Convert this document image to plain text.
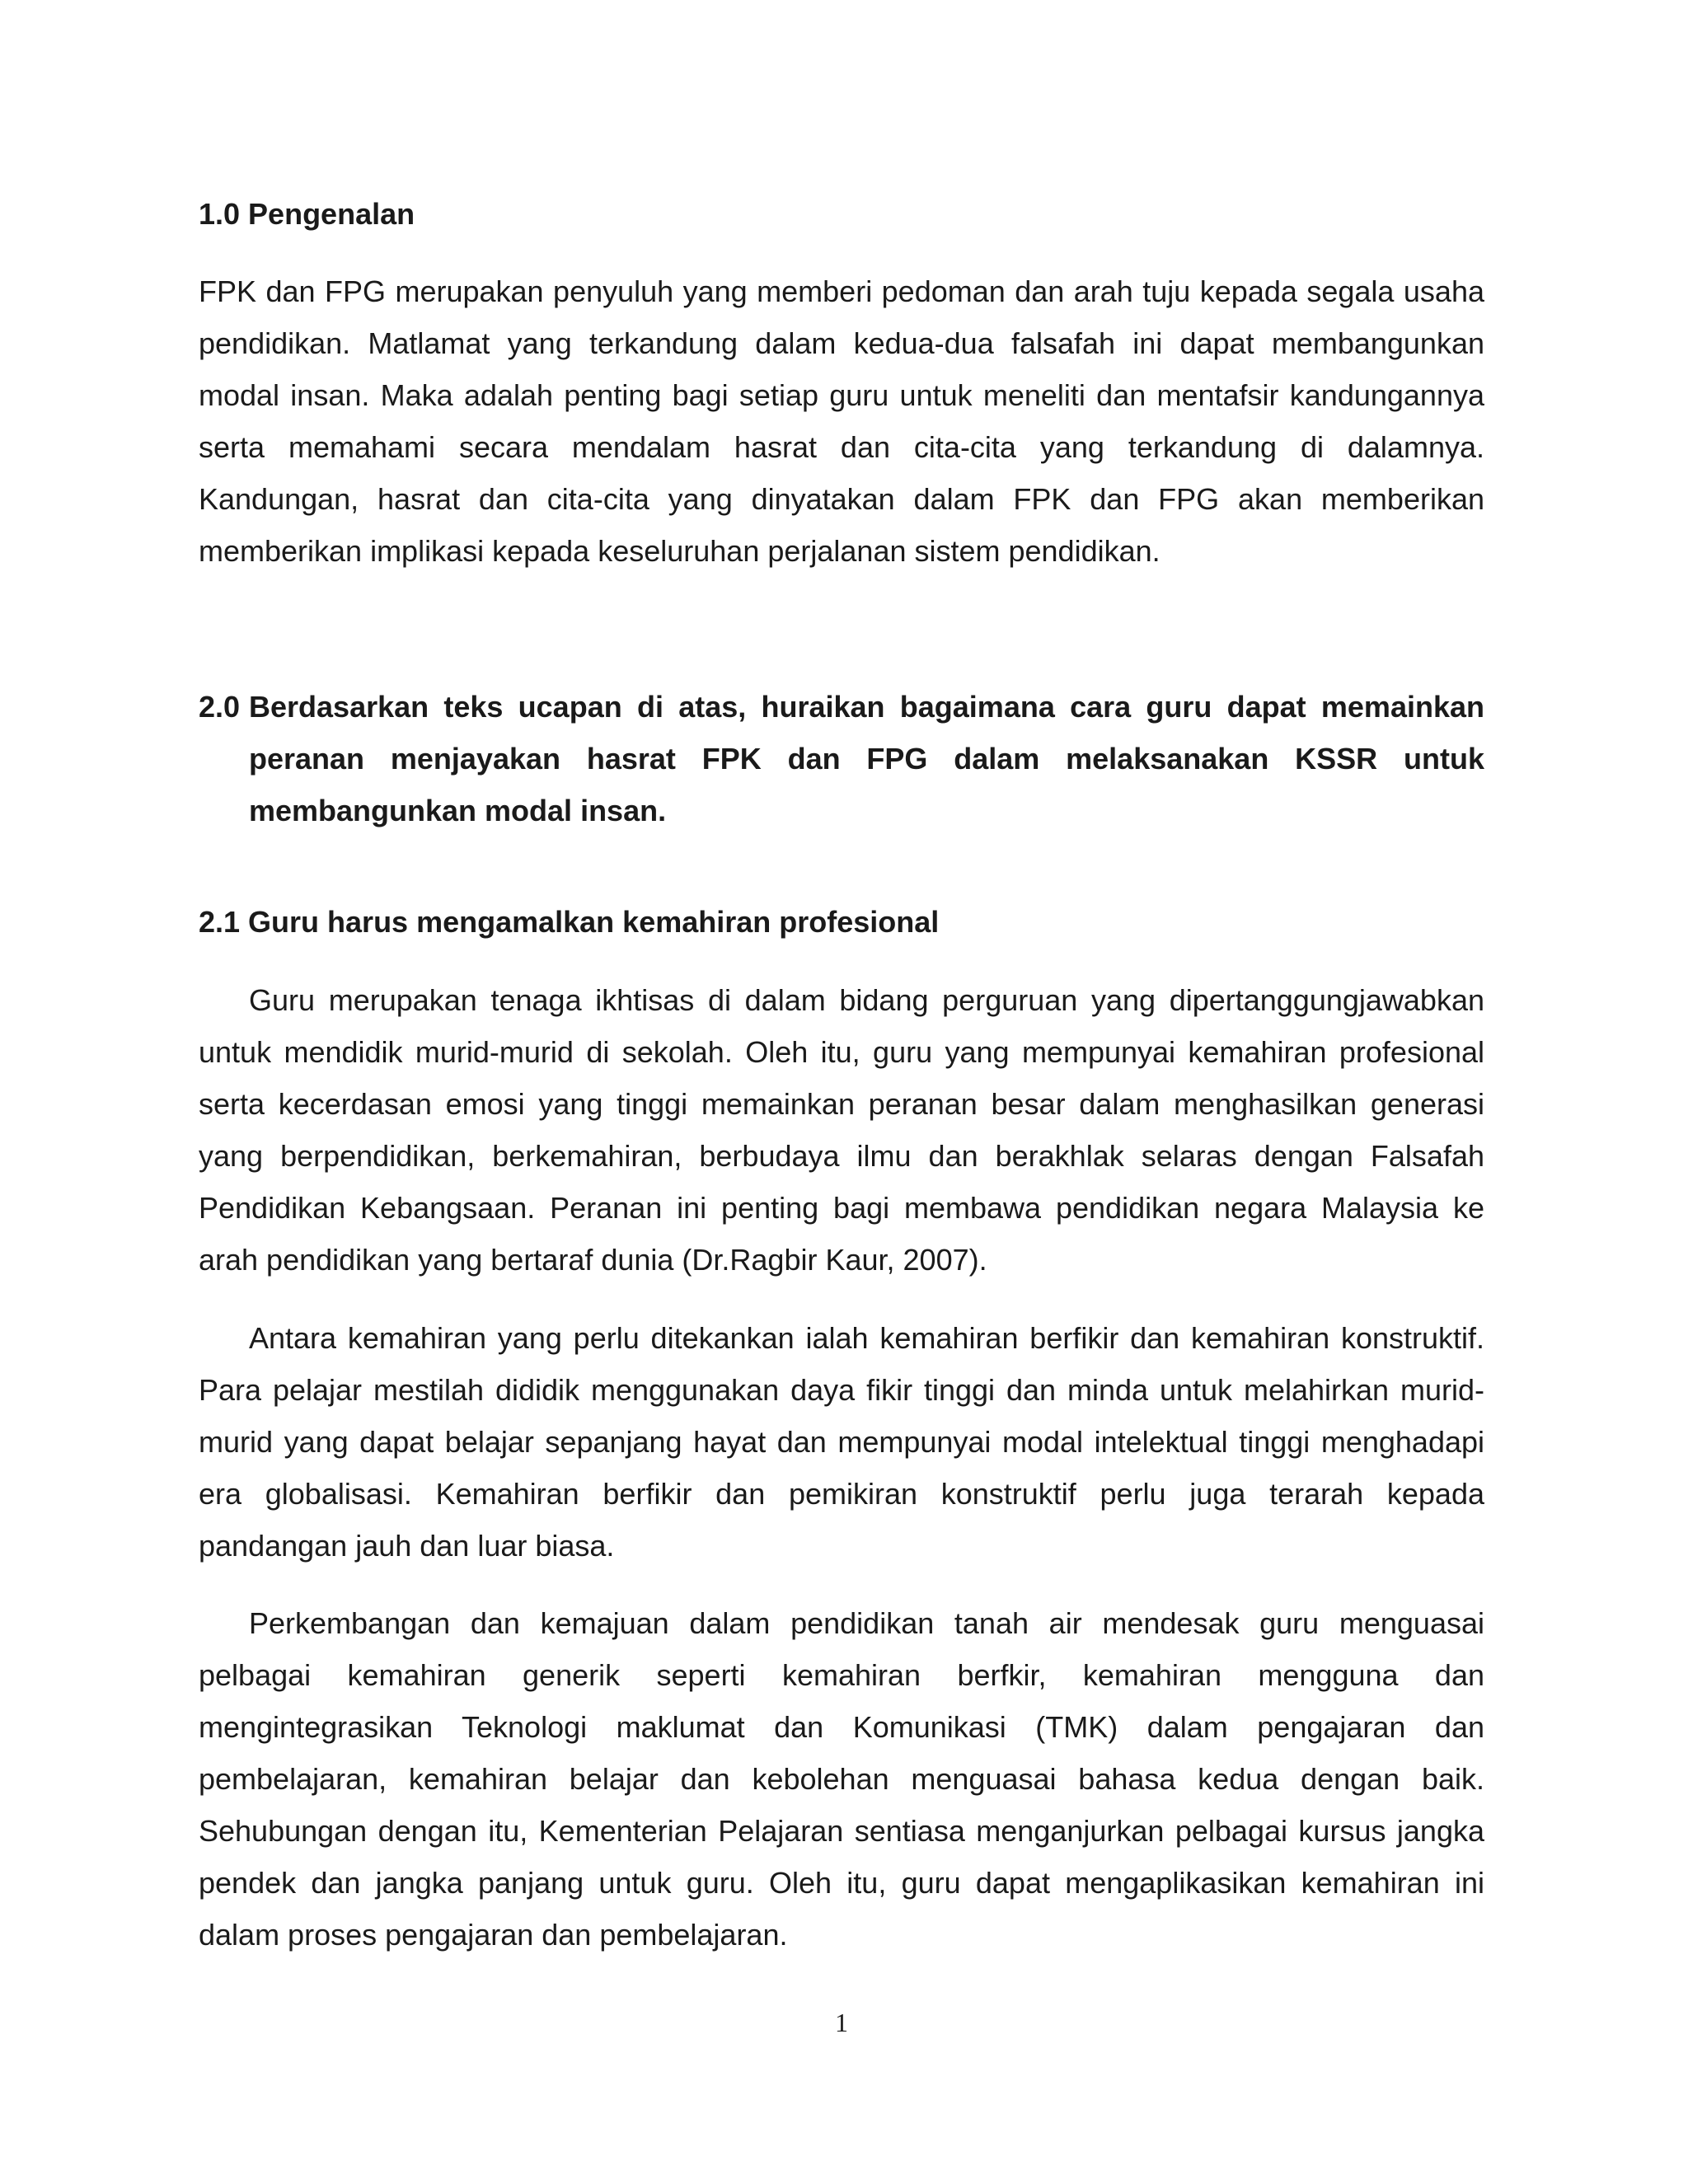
1.0 Pengenalan

FPK dan FPG merupakan penyuluh yang memberi pedoman dan arah tuju kepada segala usaha pendidikan. Matlamat yang terkandung dalam kedua-dua falsafah ini dapat membangunkan modal insan. Maka adalah penting bagi setiap guru untuk meneliti dan mentafsir kandungannya serta memahami secara mendalam hasrat dan cita-cita yang terkandung di dalamnya. Kandungan, hasrat dan cita-cita yang dinyatakan dalam FPK dan FPG akan memberikan memberikan implikasi kepada keseluruhan perjalanan sistem pendidikan.

2.0 Berdasarkan teks ucapan di atas, huraikan bagaimana cara guru dapat memainkan peranan menjayakan hasrat FPK dan FPG dalam melaksanakan KSSR untuk membangunkan modal insan.
2.1 Guru harus mengamalkan kemahiran profesional

Guru merupakan tenaga ikhtisas di dalam bidang perguruan yang dipertanggungjawabkan untuk mendidik murid-murid di sekolah. Oleh itu, guru yang mempunyai kemahiran profesional serta kecerdasan emosi yang tinggi memainkan peranan besar dalam menghasilkan generasi yang berpendidikan, berkemahiran, berbudaya ilmu dan berakhlak selaras dengan Falsafah Pendidikan Kebangsaan. Peranan ini penting bagi membawa pendidikan negara Malaysia ke arah pendidikan yang bertaraf dunia (Dr.Ragbir Kaur, 2007).

Antara kemahiran yang perlu ditekankan ialah kemahiran berfikir dan kemahiran konstruktif. Para pelajar mestilah dididik menggunakan daya fikir tinggi dan minda untuk melahirkan murid-murid yang dapat belajar sepanjang hayat dan mempunyai modal intelektual tinggi menghadapi era globalisasi. Kemahiran berfikir dan pemikiran konstruktif perlu juga terarah kepada pandangan jauh dan luar biasa.

Perkembangan dan kemajuan dalam pendidikan tanah air mendesak guru menguasai pelbagai kemahiran generik seperti kemahiran berfkir, kemahiran mengguna dan mengintegrasikan Teknologi maklumat dan Komunikasi (TMK) dalam pengajaran dan pembelajaran, kemahiran belajar dan kebolehan menguasai bahasa kedua dengan baik. Sehubungan dengan itu, Kementerian Pelajaran sentiasa menganjurkan pelbagai kursus jangka pendek dan jangka panjang untuk guru. Oleh itu, guru dapat mengaplikasikan kemahiran ini dalam proses pengajaran dan pembelajaran.

1
